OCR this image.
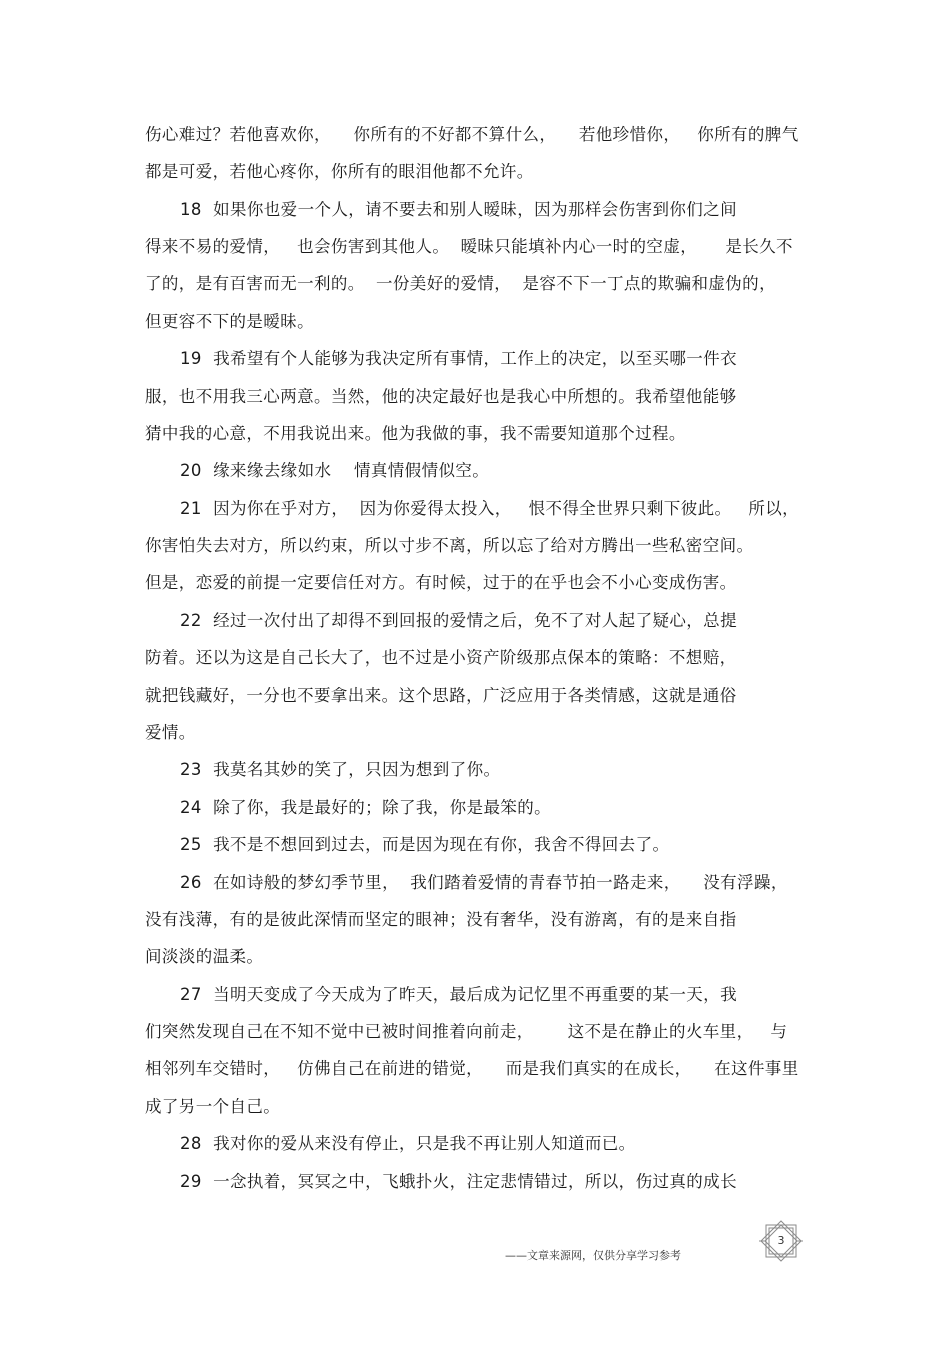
伤心难过？若他喜欢你，    你所有的不好都不算什么，    若他珍惜你，   你所有的脾气
都是可爱，若他心疼你，你所有的眼泪他都不允许。
18  如果你也爱一个人，请不要去和别人暧昧，因为那样会伤害到你们之间
得来不易的爱情，   也会伤害到其他人。  暧昧只能填补内心一时的空虚，     是长久不
了的，是有百害而无一利的。  一份美好的爱情，  是容不下一丁点的欺骗和虚伪的，
但更容不下的是暧昧。
19  我希望有个人能够为我决定所有事情，工作上的决定，以至买哪一件衣
服，也不用我三心两意。当然，他的决定最好也是我心中所想的。我希望他能够
猜中我的心意，不用我说出来。他为我做的事，我不需要知道那个过程。
20  缘来缘去缘如水    情真情假情似空。
21  因为你在乎对方，  因为你爱得太投入，   恨不得全世界只剩下彼此。   所以，
你害怕失去对方，所以约束，所以寸步不离，所以忘了给对方腾出一些私密空间。
但是，恋爱的前提一定要信任对方。有时候，过于的在乎也会不小心变成伤害。
22  经过一次付出了却得不到回报的爱情之后，免不了对人起了疑心，总提
防着。还以为这是自己长大了，也不过是小资产阶级那点保本的策略：不想赔，
就把钱藏好，一分也不要拿出来。这个思路，广泛应用于各类情感，这就是通俗
爱情。
23  我莫名其妙的笑了，只因为想到了你。
24  除了你，我是最好的；除了我，你是最笨的。
25  我不是不想回到过去，而是因为现在有你，我舍不得回去了。
26  在如诗般的梦幻季节里，  我们踏着爱情的青春节拍一路走来，    没有浮躁，
没有浅薄，有的是彼此深情而坚定的眼神；没有奢华，没有游离，有的是来自指
间淡淡的温柔。
27  当明天变成了今天成为了昨天，最后成为记忆里不再重要的某一天，我
们突然发现自己在不知不觉中已被时间推着向前走，      这不是在静止的火车里，   与
相邻列车交错时，   仿佛自己在前进的错觉，    而是我们真实的在成长，    在这件事里
成了另一个自己。
28  我对你的爱从来没有停止，只是我不再让别人知道而已。
29  一念执着，冥冥之中，飞蛾扑火，注定悲情错过，所以，伤过真的成长
3
——文章来源网，仅供分享学习参考
